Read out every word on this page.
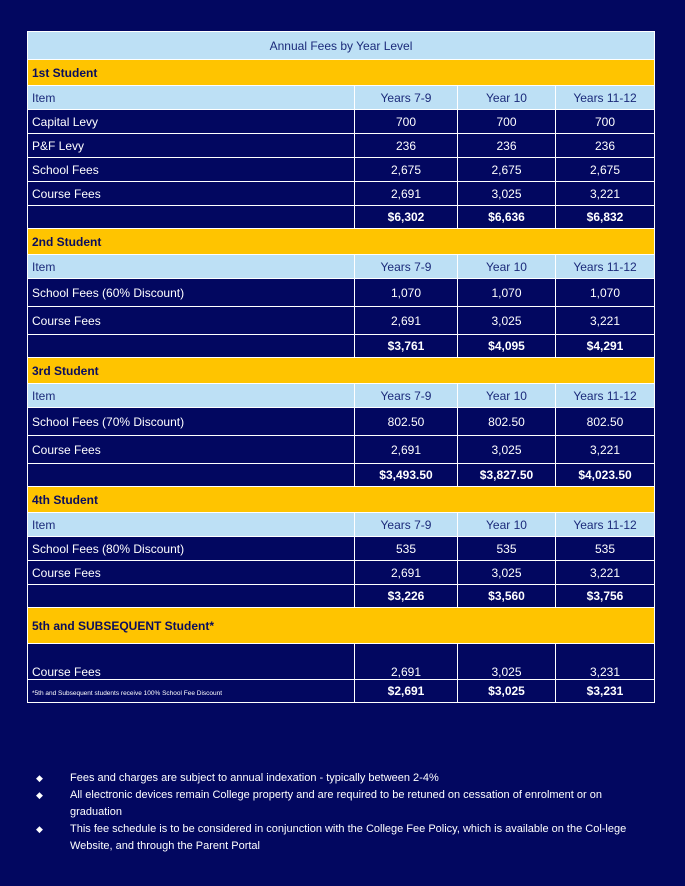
Annual Fees by Year Level			
1st Student			
Item	Years 7-9	Year 10	Years 11-12
Capital Levy	700	700	700
P&F Levy	236	236	236
School Fees	2,675	2,675	2,675
Course Fees	2,691	3,025	3,221
	$6,302	$6,636	$6,832
2nd Student			
Item	Years 7-9	Year 10	Years 11-12
School Fees (60% Discount)	1,070	1,070	1,070
Course Fees	2,691	3,025	3,221
	$3,761	$4,095	$4,291
3rd Student			
Item	Years 7-9	Year 10	Years 11-12
School Fees (70% Discount)	802.50	802.50	802.50
Course Fees	2,691	3,025	3,221
	$3,493.50	$3,827.50	$4,023.50
4th Student			
Item	Years 7-9	Year 10	Years 11-12
School Fees (80% Discount)	535	535	535
Course Fees	2,691	3,025	3,221
	$3,226	$3,560	$3,756
5th and SUBSEQUENT Student*			
Course Fees	2,691	3,025	3,231
*5th and Subsequent students receive 100% School Fee Discount	$2,691	$3,025	$3,231
◆	Fees and charges are subject to annual indexation - typically between 2-4%
◆	All electronic devices remain College property and are required to be retuned on cessation of enrolment or on graduation
◆	This fee schedule is to be considered in conjunction with the College Fee Policy, which is available on the Col-lege Website, and through the Parent Portal
